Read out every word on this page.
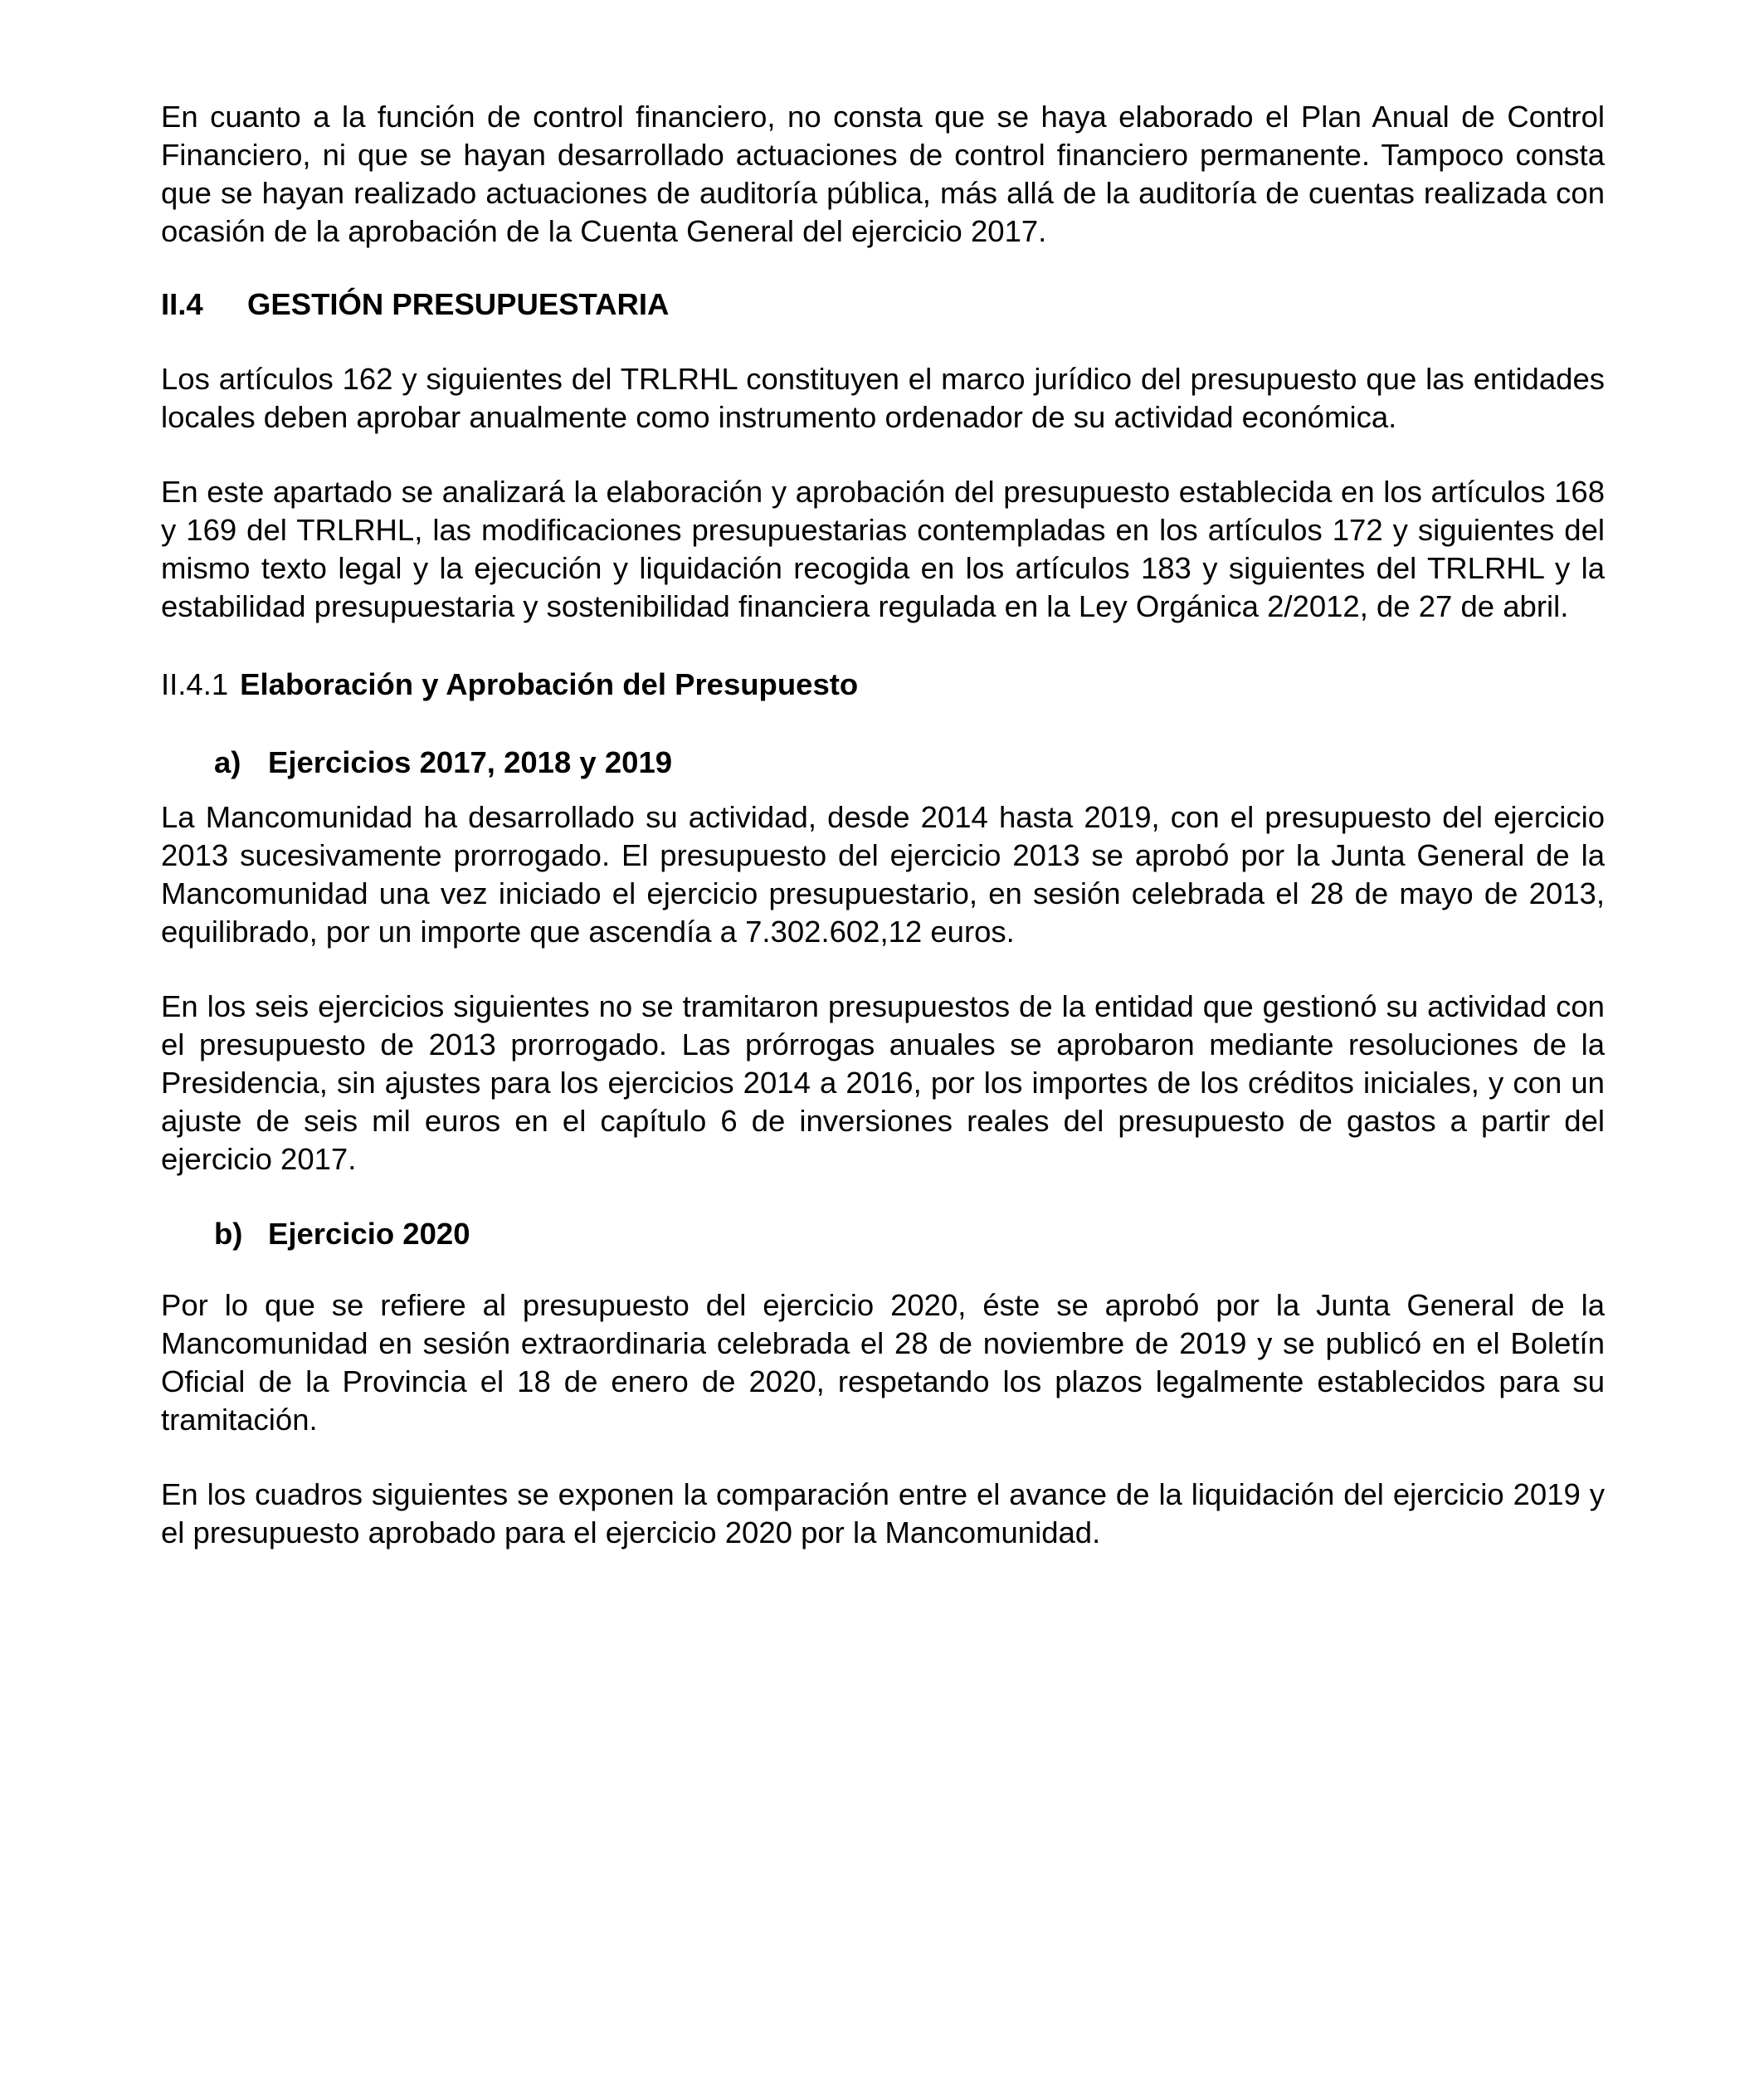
En cuanto a la función de control financiero, no consta que se haya elaborado el Plan Anual de Control Financiero, ni que se hayan desarrollado actuaciones de control financiero permanente. Tampoco consta que se hayan realizado actuaciones de auditoría pública, más allá de la auditoría de cuentas realizada con ocasión de la aprobación de la Cuenta General del ejercicio 2017.

II.4	GESTIÓN PRESUPUESTARIA

Los artículos 162 y siguientes del TRLRHL constituyen el marco jurídico del presupuesto que las entidades locales deben aprobar anualmente como instrumento ordenador de su actividad económica.

En este apartado se analizará la elaboración y aprobación del presupuesto establecida en los artículos 168 y 169 del TRLRHL, las modificaciones presupuestarias contempladas en los artículos 172 y siguientes del mismo texto legal y la ejecución y liquidación recogida en los artículos 183 y siguientes del TRLRHL y la estabilidad presupuestaria y sostenibilidad financiera regulada en la Ley Orgánica 2/2012, de 27 de abril.

II.4.1 Elaboración y Aprobación del Presupuesto
a) Ejercicios 2017, 2018 y 2019

La Mancomunidad ha desarrollado su actividad, desde 2014 hasta 2019, con el presupuesto del ejercicio 2013 sucesivamente prorrogado. El presupuesto del ejercicio 2013 se aprobó por la Junta General de la Mancomunidad una vez iniciado el ejercicio presupuestario, en sesión celebrada el 28 de mayo de 2013, equilibrado, por un importe que ascendía a 7.302.602,12 euros.

En los seis ejercicios siguientes no se tramitaron presupuestos de la entidad que gestionó su actividad con el presupuesto de 2013 prorrogado. Las prórrogas anuales se aprobaron mediante resoluciones de la Presidencia, sin ajustes para los ejercicios 2014 a 2016, por los importes de los créditos iniciales, y con un ajuste de seis mil euros en el capítulo 6 de inversiones reales del presupuesto de gastos a partir del ejercicio 2017.

b) Ejercicio 2020

Por lo que se refiere al presupuesto del ejercicio 2020, éste se aprobó por la Junta General de la Mancomunidad en sesión extraordinaria celebrada el 28 de noviembre de 2019 y se publicó en el Boletín Oficial de la Provincia el 18 de enero de 2020, respetando los plazos legalmente establecidos para su tramitación.

En los cuadros siguientes se exponen la comparación entre el avance de la liquidación del ejercicio 2019 y el presupuesto aprobado para el ejercicio 2020 por la Mancomunidad.
